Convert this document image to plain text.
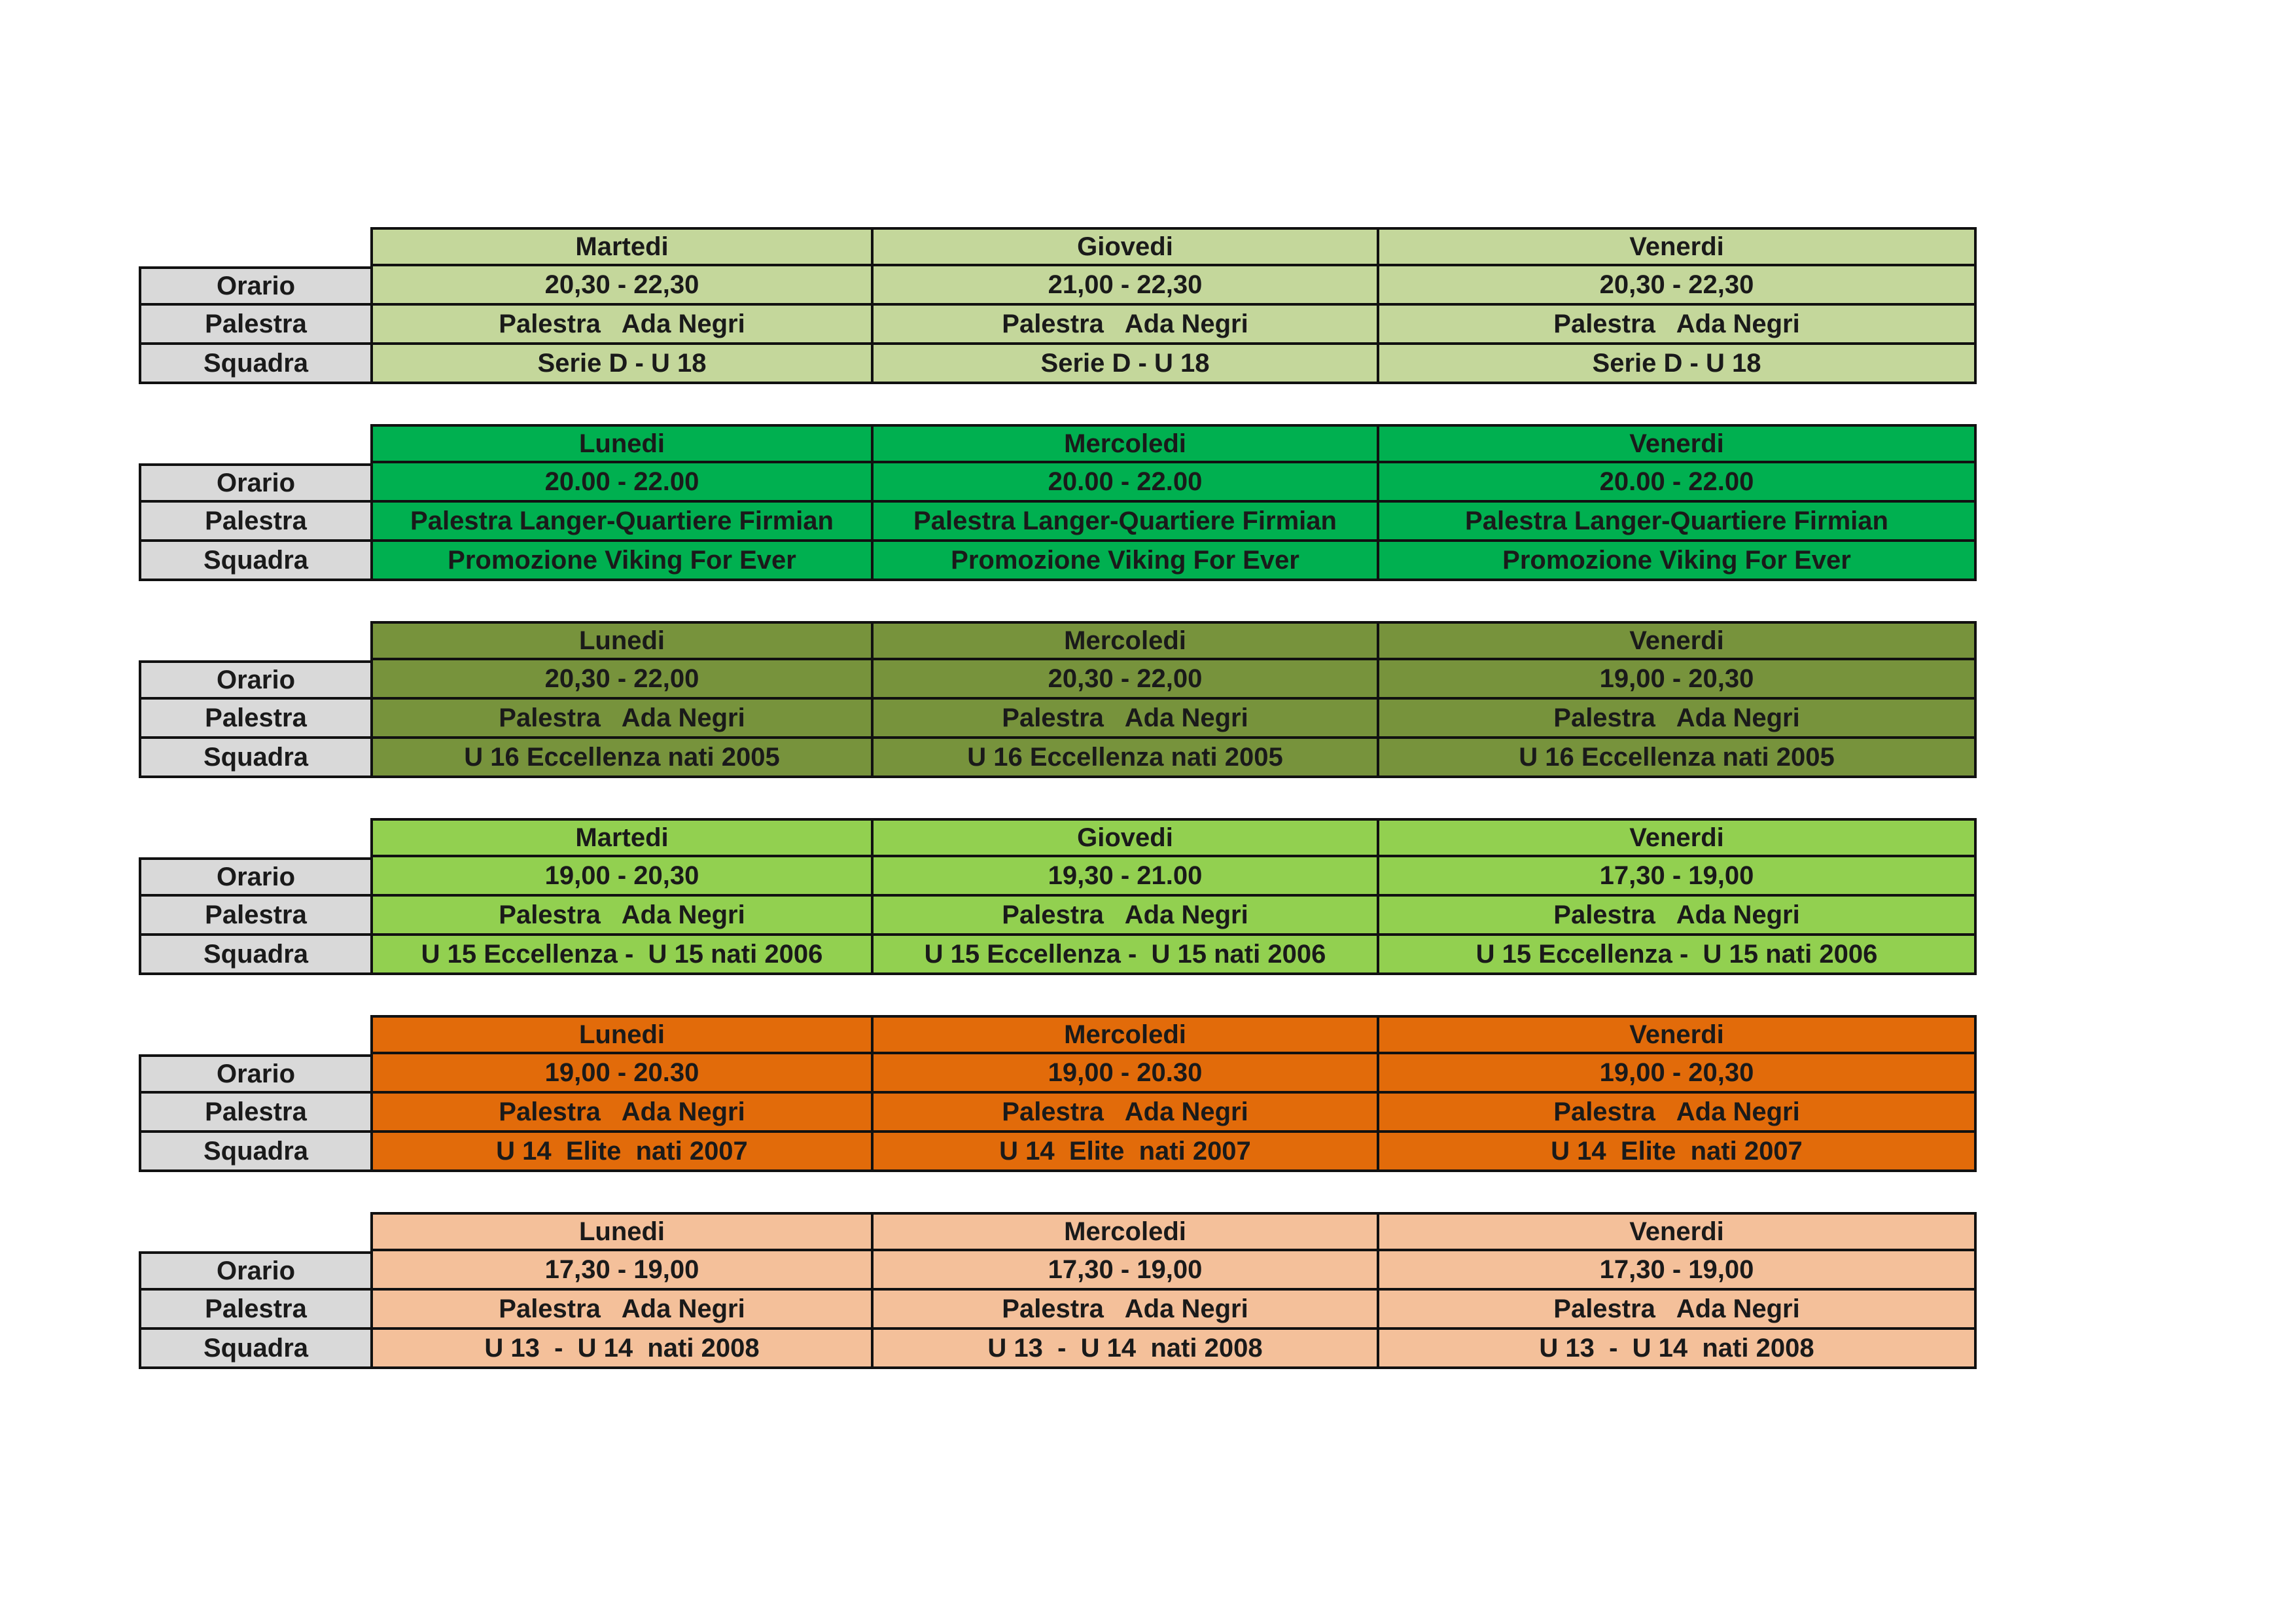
Martedi	Giovedi	Venerdi
Orario	20,30 - 22,30	21,00 - 22,30	20,30 - 22,30
Palestra	Palestra   Ada Negri	Palestra   Ada Negri	Palestra   Ada Negri
Squadra	Serie D - U 18	Serie D - U 18	Serie D - U 18
Lunedi	Mercoledi	Venerdi
Orario	20.00 - 22.00	20.00 - 22.00	20.00 - 22.00
Palestra	Palestra Langer-Quartiere Firmian	Palestra Langer-Quartiere Firmian	Palestra Langer-Quartiere Firmian
Squadra	Promozione Viking For Ever	Promozione Viking For Ever	Promozione Viking For Ever
Lunedi	Mercoledi	Venerdi
Orario	20,30 - 22,00	20,30 - 22,00	19,00 - 20,30
Palestra	Palestra   Ada Negri	Palestra   Ada Negri	Palestra   Ada Negri
Squadra	U 16 Eccellenza nati 2005	U 16 Eccellenza nati 2005	U 16 Eccellenza nati 2005
Martedi	Giovedi	Venerdi
Orario	19,00 - 20,30	19,30 - 21.00	17,30 - 19,00
Palestra	Palestra   Ada Negri	Palestra   Ada Negri	Palestra   Ada Negri
Squadra	U 15 Eccellenza -  U 15 nati 2006	U 15 Eccellenza -  U 15 nati 2006	U 15 Eccellenza -  U 15 nati 2006
Lunedi	Mercoledi	Venerdi
Orario	19,00 - 20.30	19,00 - 20.30	19,00 - 20,30
Palestra	Palestra   Ada Negri	Palestra   Ada Negri	Palestra   Ada Negri
Squadra	U 14  Elite  nati 2007	U 14  Elite  nati 2007	U 14  Elite  nati 2007
Lunedi	Mercoledi	Venerdi
Orario	17,30 - 19,00	17,30 - 19,00	17,30 - 19,00
Palestra	Palestra   Ada Negri	Palestra   Ada Negri	Palestra   Ada Negri
Squadra	U 13  -  U 14  nati 2008	U 13  -  U 14  nati 2008	U 13  -  U 14  nati 2008
